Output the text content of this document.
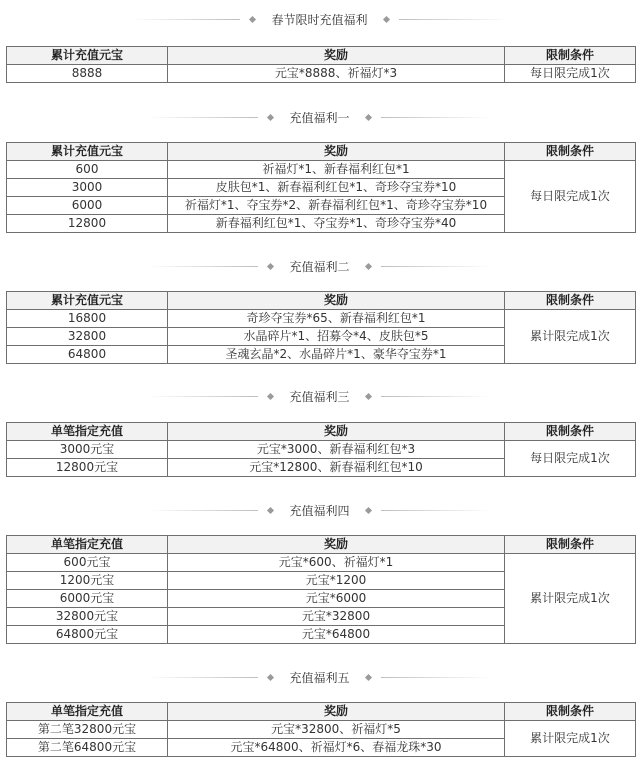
春节限时充值福利
累计充值元宝	奖励	限制条件
8888	元宝*8888、祈福灯*3	每日限完成1次
充值福利一
累计充值元宝	奖励	限制条件
600	祈福灯*1、新春福利红包*1	每日限完成1次
3000	皮肤包*1、新春福利红包*1、奇珍夺宝券*10	
6000	祈福灯*1、夺宝券*2、新春福利红包*1、奇珍夺宝券*10	
12800	新春福利红包*1、夺宝券*1、奇珍夺宝券*40	
充值福利二
累计充值元宝	奖励	限制条件
16800	奇珍夺宝券*65、新春福利红包*1	累计限完成1次
32800	水晶碎片*1、招募令*4、皮肤包*5	
64800	圣魂玄晶*2、水晶碎片*1、豪华夺宝券*1	
充值福利三
单笔指定充值	奖励	限制条件
3000元宝	元宝*3000、新春福利红包*3	每日限完成1次
12800元宝	元宝*12800、新春福利红包*10	
充值福利四
单笔指定充值	奖励	限制条件
600元宝	元宝*600、祈福灯*1	累计限完成1次
1200元宝	元宝*1200	
6000元宝	元宝*6000	
32800元宝	元宝*32800	
64800元宝	元宝*64800	
充值福利五
单笔指定充值	奖励	限制条件
第二笔32800元宝	元宝*32800、祈福灯*5	累计限完成1次
第二笔64800元宝	元宝*64800、祈福灯*6、春福龙珠*30	
